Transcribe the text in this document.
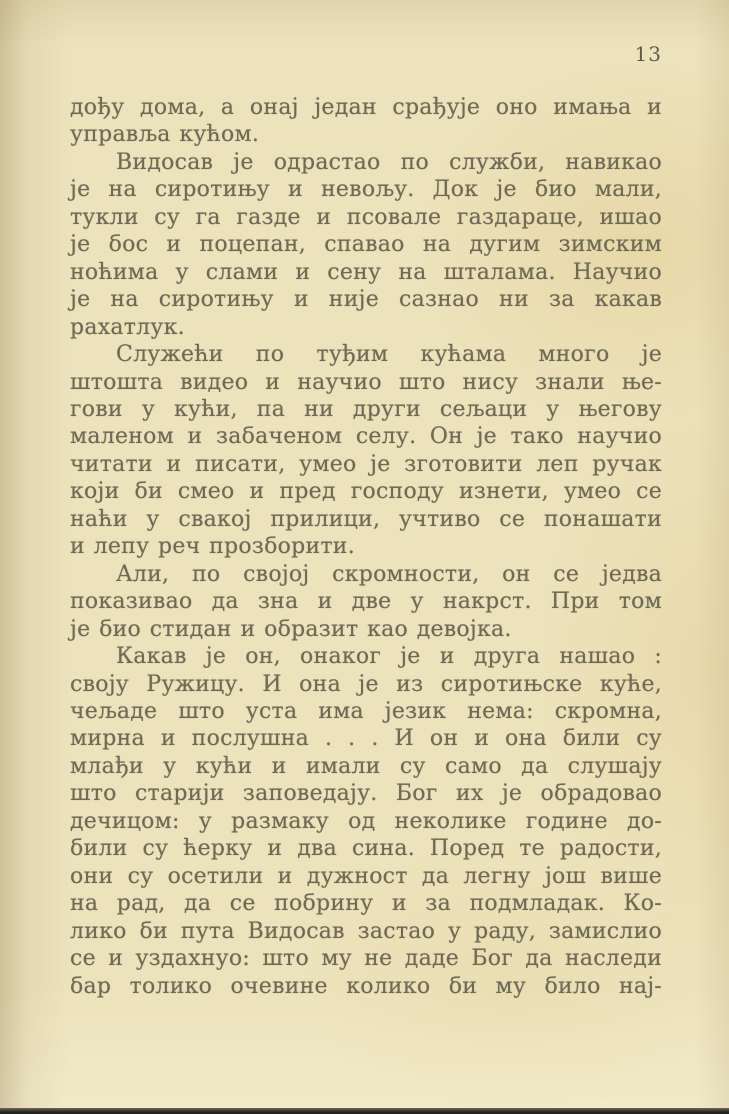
13
дођу дома, а онај један срађује оно имања и
управља кућом.
Видосав је одрастао по служби, навикао
је на сиротињу и невољу. Док је био мали,
тукли су га газде и псовале газдараце, ишао
је бос и поцепан, спавао на дугим зимским
ноћима у слами и сену на шталама. Научио
је на сиротињу и није сазнао ни за какав
рахатлук.
Служећи по туђим кућама много је
штошта видео и научио што нису знали ње-
гови у кући, па ни други сељаци у његову
маленом и забаченом селу. Он је тако научио
читати и писати, умео је зготовити леп ручак
који би смео и пред господу изнети, умео се
наћи у свакој прилици, учтиво се понашати
и лепу реч прозборити.
Али, по својој скромности, он се једва
показивао да зна и две у накрст. При том
је био стидан и образит као девојка.
Какав је он, онаког је и друга нашао :
своју Ружицу. И она је из сиротињске куће,
чељаде што уста има језик нема: скромна,
мирна и послушна . . . И он и она били су
млађи у кући и имали су само да слушају
што старији заповедају. Бог их је обрадовао
дечицом: у размаку од неколике године до-
били су ћерку и два сина. Поред те радости,
они су осетили и дужност да легну још више
на рад, да се побрину и за подмладак. Ко-
лико би пута Видосав застао у раду, замислио
се и уздахнуо: што му не даде Бог да наследи
бар толико очевине колико би му било нај-
